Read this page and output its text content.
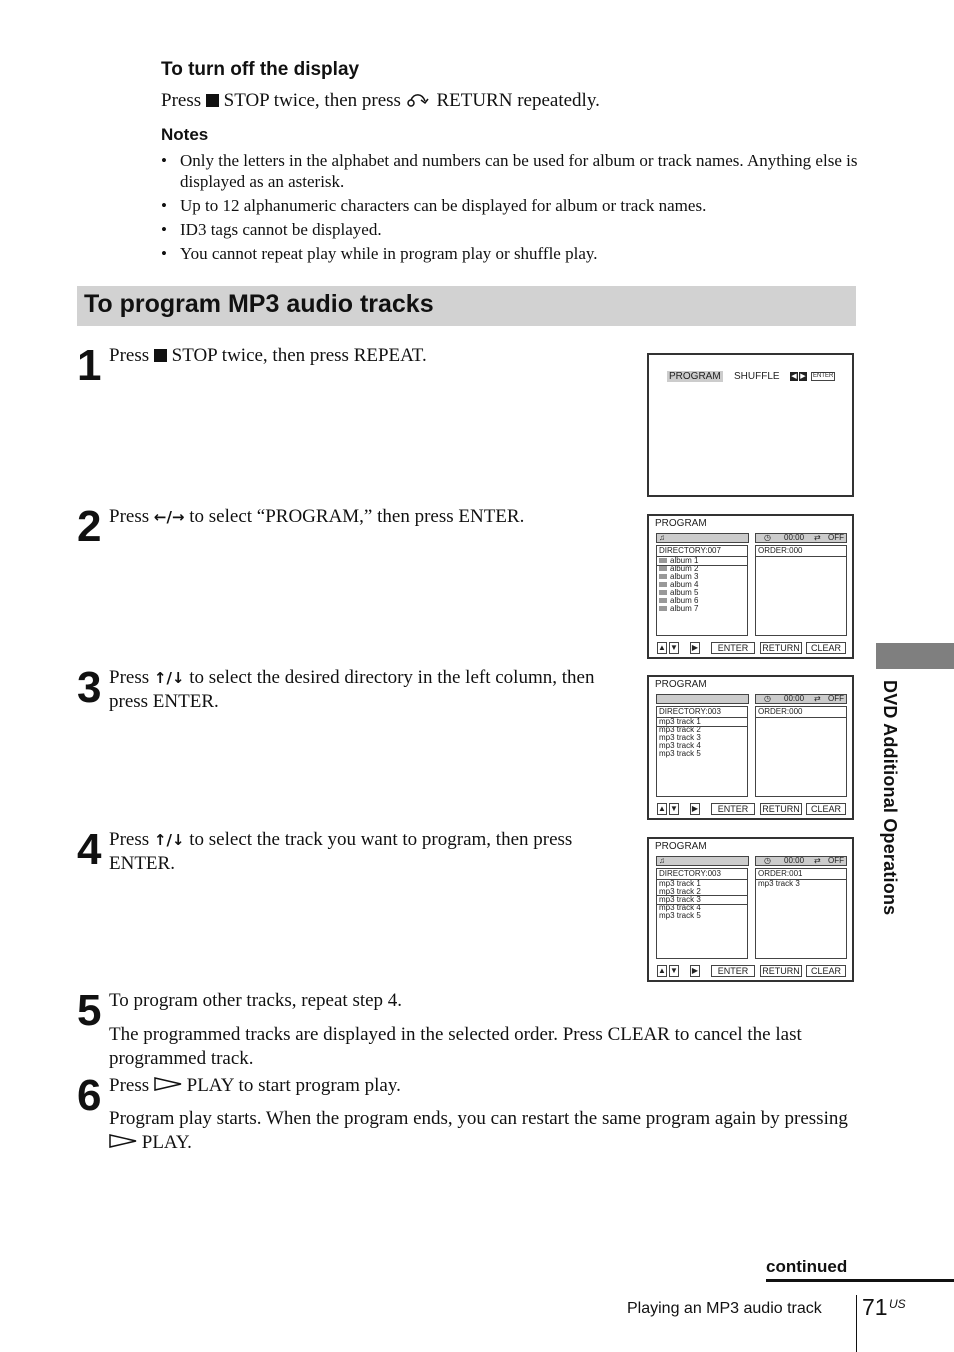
To turn off the display
Press STOP twice, then press RETURN repeatedly.
Notes
• Only the letters in the alphabet and numbers can be used for album or track names. Anything else is displayed as an asterisk.
• Up to 12 alphanumeric characters can be displayed for album or track names.
• ID3 tags cannot be displayed.
• You cannot repeat play while in program play or shuffle play.
To program MP3 audio tracks
1 Press STOP twice, then press REPEAT.
2 Press ←/→ to select “PROGRAM,” then press ENTER.
3 Press ↑/↓ to select the desired directory in the left column, then press ENTER.
4 Press ↑/↓ to select the track you want to program, then press ENTER.
5 To program other tracks, repeat step 4.
The programmed tracks are displayed in the selected order. Press CLEAR to cancel the last programmed track.
6 Press PLAY to start program play.
Program play starts. When the program ends, you can restart the same program again by pressing  PLAY.
PROGRAM SHUFFLE ◀ ▶	ENTER
PROGRAM
♫	◷ 00:00 ⇄ OFF
DIRECTORY:007
album 1
album 2
album 3
album 4
album 5
album 6
album 7
ORDER:000
▲ ▼ ▶	ENTER	RETURN	CLEAR
PROGRAM
◷ 00:00 ⇄ OFF
DIRECTORY:003
mp3 track 1
mp3 track 2
mp3 track 3
mp3 track 4
mp3 track 5
ORDER:000
▲ ▼ ▶	ENTER	RETURN	CLEAR
PROGRAM
♫	◷ 00:00 ⇄ OFF
DIRECTORY:003
mp3 track 1
mp3 track 2
mp3 track 3
mp3 track 4
mp3 track 5
ORDER:001
mp3 track 3
▲ ▼ ▶	ENTER	RETURN	CLEAR
DVD Additional Operations
continued
Playing an MP3 audio track 71 US
